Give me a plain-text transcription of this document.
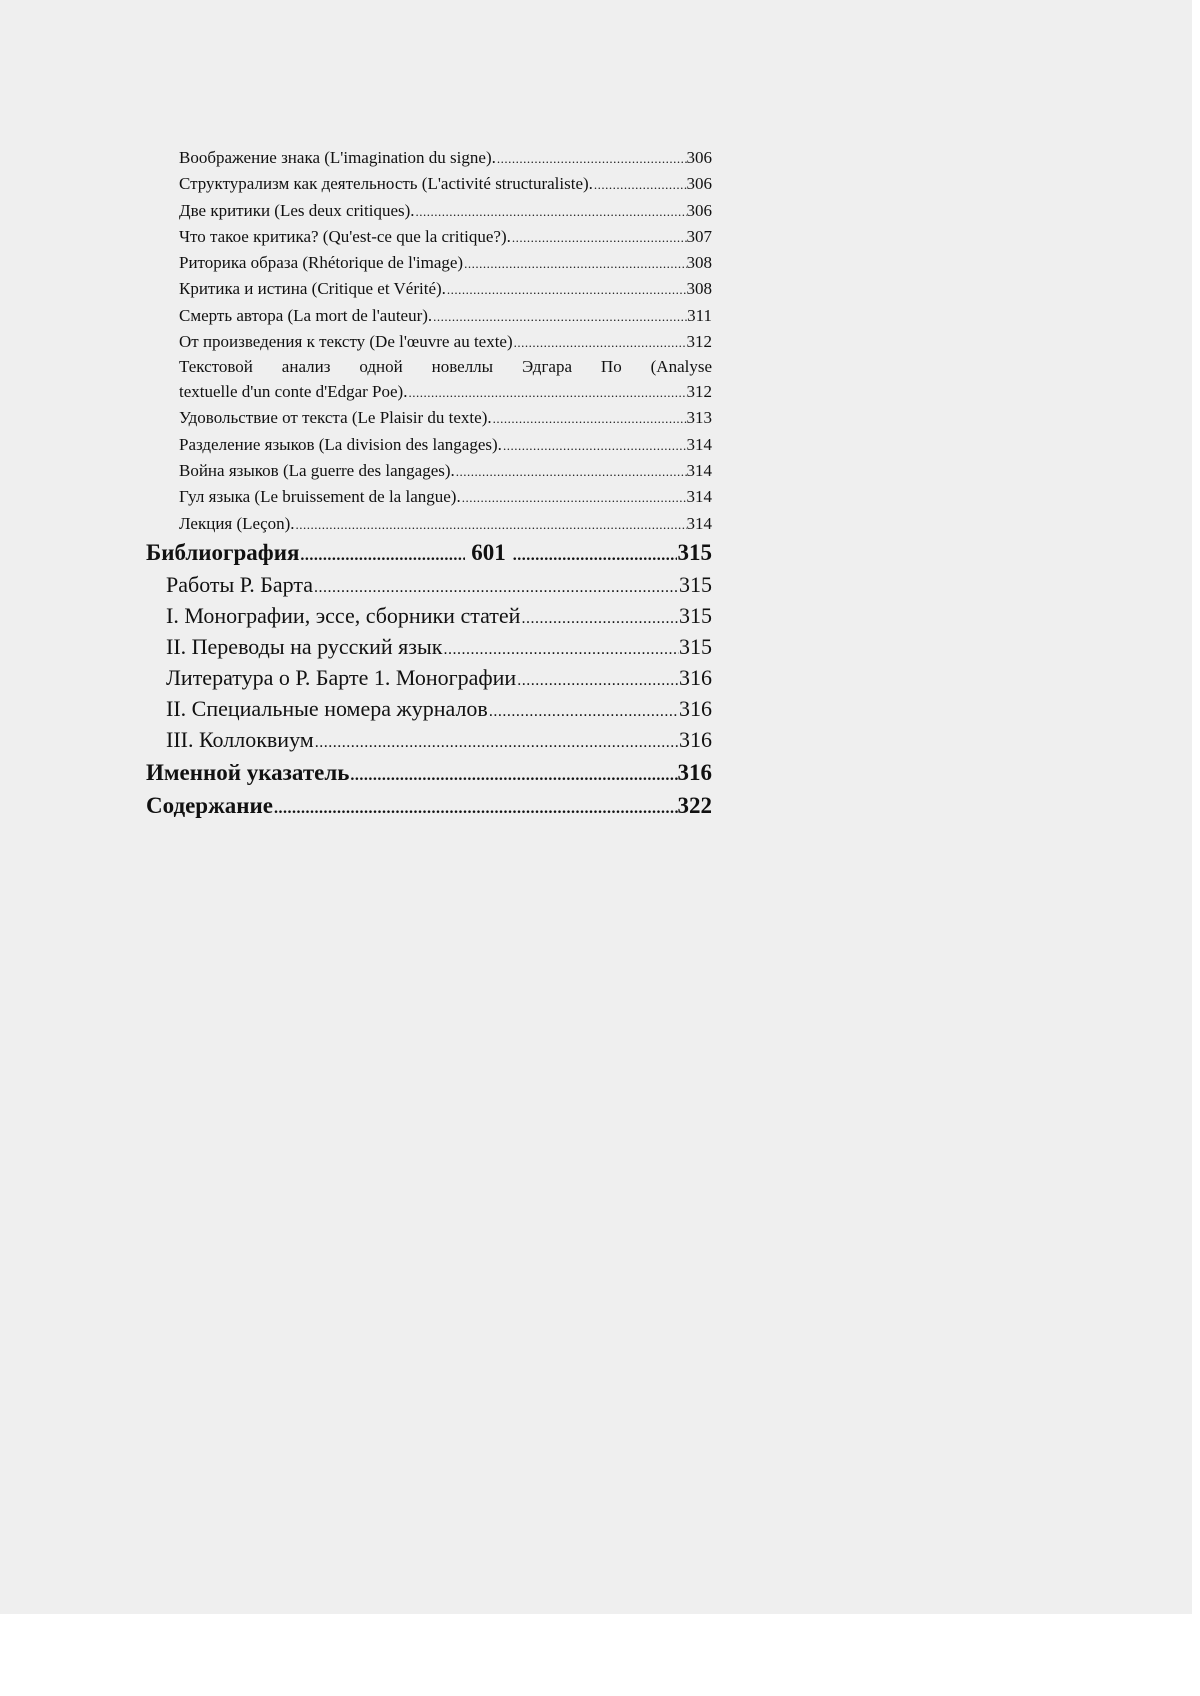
Воображение знака (L'imagination du signe). .....	306
Структурализм как деятельность (L'activité structuraliste). .....	306
Две критики (Les deux critiques). .....	306
Что такое критика? (Qu'est-ce que la critique?). .....	307
Риторика образа (Rhétorique de l'image) .....	308
Критика и истина (Critique et Vérité). .....	308
Смерть автора (La mort de l'auteur). .....	311
От произведения к тексту (De l'œuvre au texte) .....	312
Текстовой анализ одной новеллы Эдгара По (Analyse
textuelle d'un conte d'Edgar Poe). .....	312
Удовольствие от текста (Le Plaisir du texte). .....	313
Разделение языков (La division des langages). .....	314
Война языков (La guerre des langages). .....	314
Гул языка (Le bruissement de la langue). .....	314
Лекция (Leçon). .....	314
Библиография .....	601 .....	315
Работы Р. Барта .....	315
I. Монографии, эссе, сборники статей .....	315
II. Переводы на русский язык .....	315
Литература о Р. Барте 1. Монографии .....	316
II. Специальные номера журналов .....	316
III. Коллоквиум .....	316
Именной указатель .....	316
Содержание .....	322
